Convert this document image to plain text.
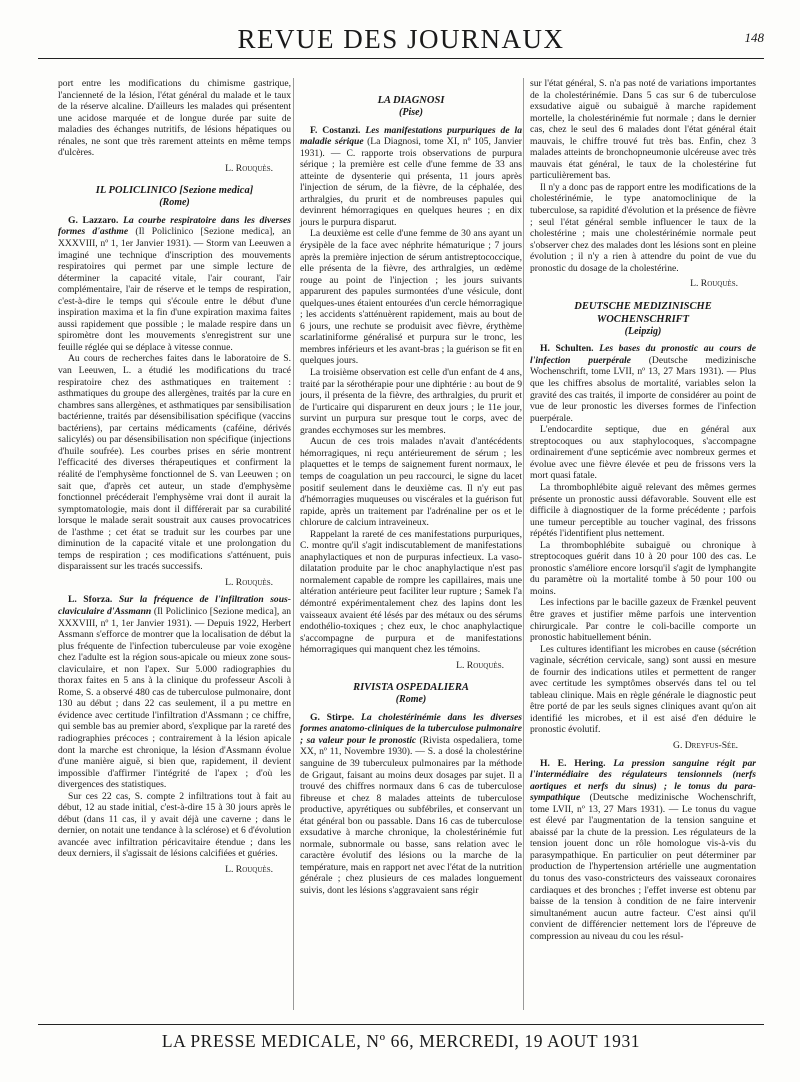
REVUE DES JOURNAUX	148

port entre les modifications du chimisme gastrique, l'ancienneté de la lésion, l'état général du malade et le taux de la réserve alcaline. D'ailleurs les malades qui présentent une acidose marquée et de longue durée par suite de maladies des échanges nutritifs, de lésions hépatiques ou rénales, ne sont que très rarement atteints en même temps d'ulcères.

L. Rouquès.
IL POLICLINICO [Sezione medica]
(Rome)

G. Lazzaro. La courbe respiratoire dans les diverses formes d'asthme (Il Policlinico [Sezione medica], an XXXVIII, nº 1, 1er Janvier 1931). — Storm van Leeuwen a imaginé une technique d'inscription des mouvements respiratoires qui permet par une simple lecture de déterminer la capacité vitale, l'air courant, l'air complémentaire, l'air de réserve et le temps de respiration, c'est-à-dire le temps qui s'écoule entre le début d'une inspiration maxima et la fin d'une expiration maxima faites aussi rapidement que possible ; le malade respire dans un spiromètre dont les mouvements s'enregistrent sur une feuille réglée qui se déplace à vitesse connue.

Au cours de recherches faites dans le laboratoire de S. van Leeuwen, L. a étudié les modifications du tracé respiratoire chez des asthmatiques en traitement : asthmatiques du groupe des allergènes, traités par la cure en chambres sans allergènes, et asthmatiques par sensibilisation bactérienne, traités par désensibilisation spécifique (vaccins bactériens), par certains médicaments (caféine, dérivés salicylés) ou par désensibilisation non spécifique (injections d'huile soufrée). Les courbes prises en série montrent l'efficacité des diverses thérapeutiques et confirment la réalité de l'emphysème fonctionnel de S. van Leeuwen ; on sait que, d'après cet auteur, un stade d'emphysème fonctionnel précéderait l'emphysème vrai dont il aurait la symptomatologie, mais dont il différerait par sa curabilité lorsque le malade serait soustrait aux causes provocatrices de l'asthme ; cet état se traduit sur les courbes par une diminution de la capacité vitale et une prolongation du temps de respiration ; ces modifications s'atténuent, puis disparaissent sur les tracés successifs.

L. Rouquès.

L. Sforza. Sur la fréquence de l'infiltration sous-claviculaire d'Assmann (Il Policlinico [Sezione medica], an XXXVIII, nº 1, 1er Janvier 1931). — Depuis 1922, Herbert Assmann s'efforce de montrer que la localisation de début la plus fréquente de l'infection tuberculeuse par voie exogène chez l'adulte est la région sous-apicale ou mieux zone sous-claviculaire, et non l'apex. Sur 5.000 radiographies du thorax faites en 5 ans à la clinique du professeur Ascoli à Rome, S. a observé 480 cas de tuberculose pulmonaire, dont 130 au début ; dans 22 cas seulement, il a pu mettre en évidence avec certitude l'infiltration d'Assmann ; ce chiffre, qui semble bas au premier abord, s'explique par la rareté des radiographies précoces ; contrairement à la lésion apicale dont la marche est chronique, la lésion d'Assmann évolue d'une manière aiguë, si bien que, rapidement, il devient impossible d'affirmer l'intégrité de l'apex ; d'où les divergences des statistiques.

Sur ces 22 cas, S. compte 2 infiltrations tout à fait au début, 12 au stade initial, c'est-à-dire 15 à 30 jours après le début (dans 11 cas, il y avait déjà une caverne ; dans le dernier, on notait une tendance à la sclérose) et 6 d'évolution avancée avec infiltration péricavitaire étendue ; dans les deux derniers, il s'agissait de lésions calcifiées et guéries.

L. Rouquès.
LA DIAGNOSI
(Pise)

F. Costanzi. Les manifestations purpuriques de la maladie sérique (La Diagnosi, tome XI, nº 105, Janvier 1931). — C. rapporte trois observations de purpura sérique ; la première est celle d'une femme de 33 ans atteinte de dysenterie qui présenta, 11 jours après l'injection de sérum, de la fièvre, de la céphalée, des arthralgies, du prurit et de nombreuses papules qui devinrent hémorragiques en quelques heures ; en dix jours le purpura disparut.

La deuxième est celle d'une femme de 30 ans ayant un érysipèle de la face avec néphrite hématurique ; 7 jours après la première injection de sérum antistreptococcique, elle présenta de la fièvre, des arthralgies, un œdème rouge au point de l'injection ; les jours suivants apparurent des papules surmontées d'une vésicule, dont quelques-unes étaient entourées d'un cercle hémorragique ; les accidents s'atténuèrent rapidement, mais au bout de 6 jours, une rechute se produisit avec fièvre, érythème scarlatiniforme généralisé et purpura sur le tronc, les membres inférieurs et les avant-bras ; la guérison se fit en quelques jours.

La troisième observation est celle d'un enfant de 4 ans, traité par la sérothérapie pour une diphtérie : au bout de 9 jours, il présenta de la fièvre, des arthralgies, du prurit et de l'urticaire qui disparurent en deux jours ; le 11e jour, survint un purpura sur presque tout le corps, avec de grandes ecchymoses sur les membres.

Aucun de ces trois malades n'avait d'antécédents hémorragiques, ni reçu antérieurement de sérum ; les plaquettes et le temps de saignement furent normaux, le temps de coagulation un peu raccourci, le signe du lacet positif seulement dans le deuxième cas. Il n'y eut pas d'hémorragies muqueuses ou viscérales et la guérison fut rapide, après un traitement par l'adrénaline per os et le chlorure de calcium intraveineux.

Rappelant la rareté de ces manifestations purpuriques, C. montre qu'il s'agit indiscutablement de manifestations anaphylactiques et non de purpuras infectieux. La vaso-dilatation produite par le choc anaphylactique n'est pas normalement capable de rompre les capillaires, mais une altération antérieure peut faciliter leur rupture ; Samek l'a démontré expérimentalement chez des lapins dont les vaisseaux avaient été lésés par des métaux ou des sérums endothélio-toxiques ; chez eux, le choc anaphylactique s'accompagne de purpura et de manifestations hémorragiques qui manquent chez les témoins.

L. Rouquès.
RIVISTA OSPEDALIERA
(Rome)

G. Stirpe. La cholestérinémie dans les diverses formes anatomo-cliniques de la tuberculose pulmonaire ; sa valeur pour le pronostic (Rivista ospedaliera, tome XX, nº 11, Novembre 1930). — S. a dosé la cholestérine sanguine de 39 tuberculeux pulmonaires par la méthode de Grigaut, faisant au moins deux dosages par sujet. Il a trouvé des chiffres normaux dans 6 cas de tuberculose fibreuse et chez 8 malades atteints de tuberculose productive, apyrétiques ou subfébriles, et conservant un état général bon ou passable. Dans 16 cas de tuberculose exsudative à marche chronique, la cholestérinémie fut normale, subnormale ou basse, sans relation avec le caractère évolutif des lésions ou la marche de la température, mais en rapport net avec l'état de la nutrition générale ; chez plusieurs de ces malades longuement suivis, dont les lésions s'aggravaient sans régir

sur l'état général, S. n'a pas noté de variations importantes de la cholestérinémie. Dans 5 cas sur 6 de tuberculose exsudative aiguë ou subaiguë à marche rapidement mortelle, la cholestérinémie fut normale ; dans le dernier cas, chez le seul des 6 malades dont l'état général était mauvais, le chiffre trouvé fut très bas. Enfin, chez 3 malades atteints de bronchopneumonie ulcéreuse avec très mauvais état général, le taux de la cholestérine fut particulièrement bas.

Il n'y a donc pas de rapport entre les modifications de la cholestérinémie, le type anatomoclinique de la tuberculose, sa rapidité d'évolution et la présence de fièvre ; seul l'état général semble influencer le taux de la cholestérine ; mais une cholestérinémie normale peut s'observer chez des malades dont les lésions sont en pleine évolution ; il n'y a rien à attendre du point de vue du pronostic du dosage de la cholestérine.

L. Rouquès.
DEUTSCHE MEDIZINISCHE WOCHENSCHRIFT
(Leipzig)

H. Schulten. Les bases du pronostic au cours de l'infection puerpérale (Deutsche medizinische Wochenschrift, tome LVII, nº 13, 27 Mars 1931). — Plus que les chiffres absolus de mortalité, variables selon la gravité des cas traités, il importe de considérer au point de vue de leur pronostic les diverses formes de l'infection puerpérale.

L'endocardite septique, due en général aux streptocoques ou aux staphylocoques, s'accompagne ordinairement d'une septicémie avec nombreux germes et évolue avec une fièvre élevée et peu de frissons vers la mort quasi fatale.

La thrombophlébite aiguë relevant des mêmes germes présente un pronostic aussi défavorable. Souvent elle est difficile à diagnostiquer de la forme précédente ; parfois une tumeur perceptible au toucher vaginal, des frissons répétés l'identifient plus nettement.

La thrombophlébite subaiguë ou chronique à streptocoques guérit dans 10 à 20 pour 100 des cas. Le pronostic s'améliore encore lorsqu'il s'agit de lymphangite du paramètre où la mortalité tombe à 50 pour 100 ou moins.

Les infections par le bacille gazeux de Frænkel peuvent être graves et justifier même parfois une intervention chirurgicale. Par contre le coli-bacille comporte un pronostic habituellement bénin.

Les cultures identifiant les microbes en cause (sécrétion vaginale, sécrétion cervicale, sang) sont aussi en mesure de fournir des indications utiles et permettent de ranger avec certitude les symptômes observés dans tel ou tel tableau clinique. Mais en règle générale le diagnostic peut être porté de par les seuls signes cliniques avant qu'on ait identifié les microbes, et il est aisé d'en déduire le pronostic évolutif.

G. Dreyfus-Sée.

H. E. Hering. La pression sanguine régit par l'intermédiaire des régulateurs tensionnels (nerfs aortiques et nerfs du sinus) ; le tonus du para-sympathique (Deutsche medizinische Wochenschrift, tome LVII, nº 13, 27 Mars 1931). — Le tonus du vague est élevé par l'augmentation de la tension sanguine et abaissé par la chute de la pression. Les régulateurs de la tension jouent donc un rôle homologue vis-à-vis du parasympathique. En particulier on peut déterminer par production de l'hypertension artérielle une augmentation du tonus des vaso-constricteurs des vaisseaux coronaires cardiaques et des bronches ; l'effet inverse est obtenu par baisse de la tension à condition de ne faire intervenir simultanément aucun autre facteur. C'est ainsi qu'il convient de différencier nettement lors de l'épreuve de compression au niveau du cou les résul-

LA PRESSE MEDICALE, Nº 66, MERCREDI, 19 AOUT 1931
